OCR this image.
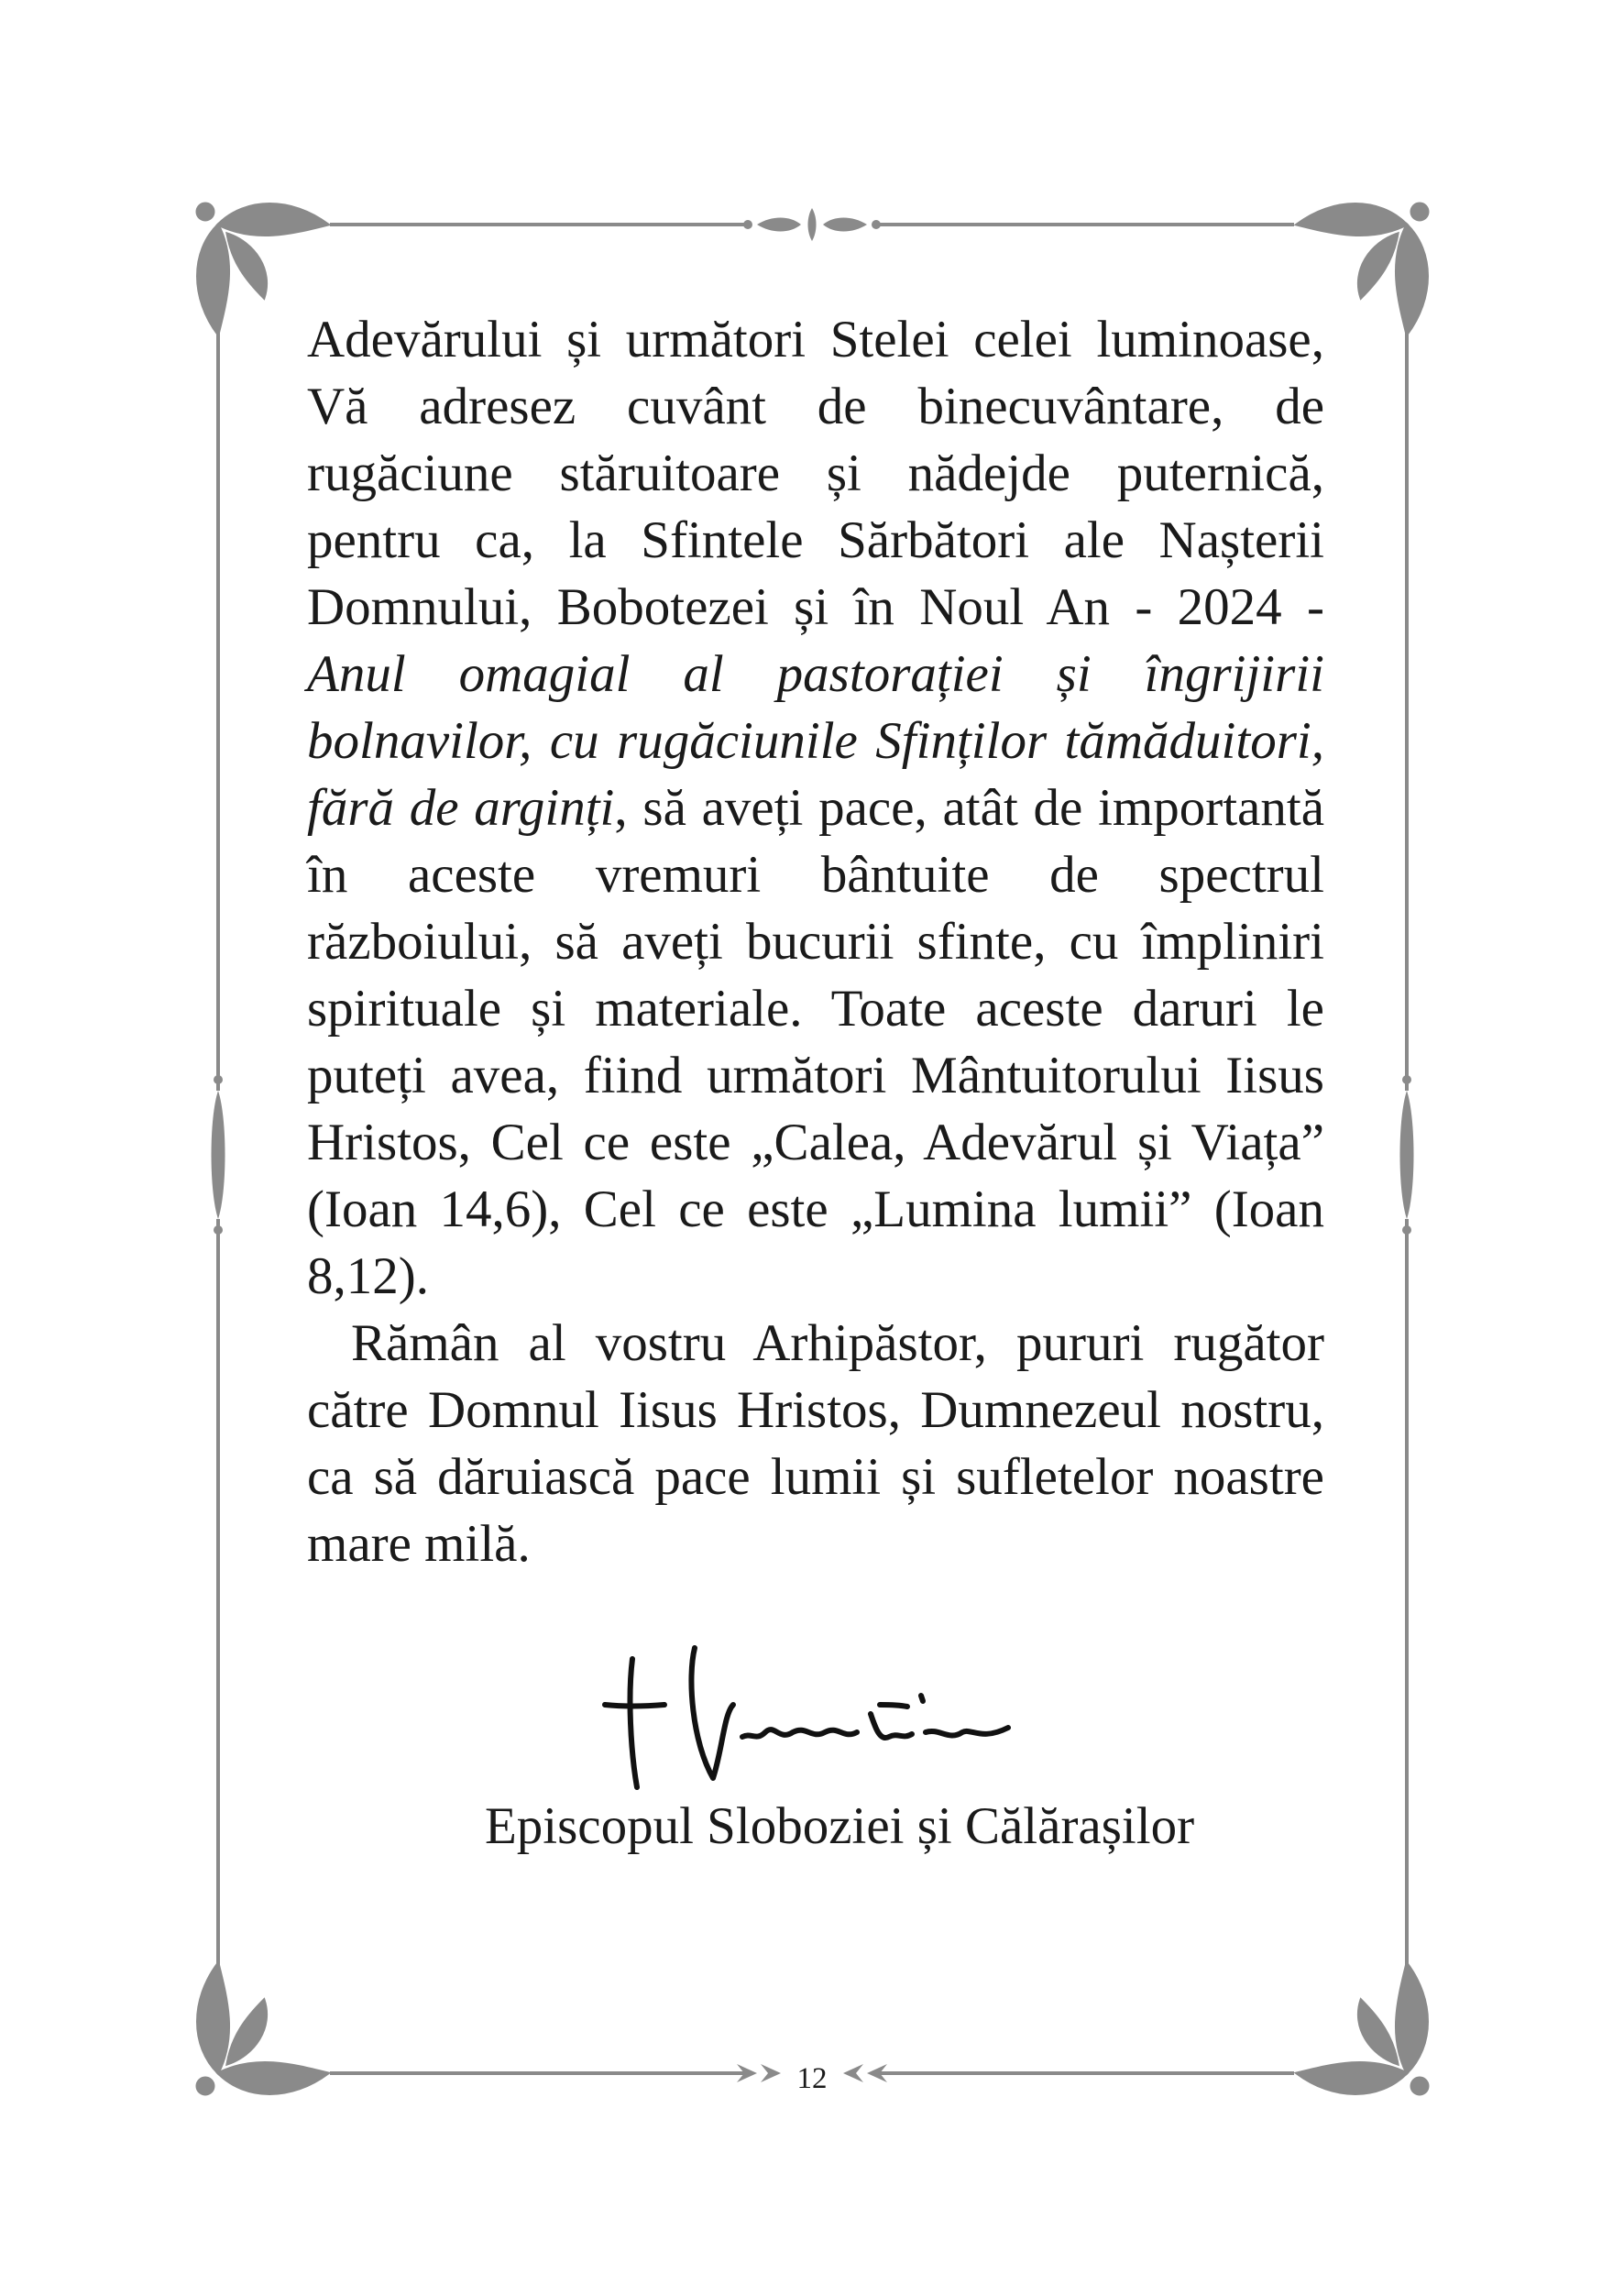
Adevărului și următori Stelei celei luminoase, Vă adresez cuvânt de binecuvântare, de rugăciune stăruitoare și nădejde puternică, pentru ca, la Sfintele Sărbători ale Nașterii Domnului, Bobotezei și în Noul An - 2024 - Anul omagial al pastorației și îngrijirii bolnavilor, cu rugăciunile Sfinților tămăduitori, fără de arginți, să aveți pace, atât de importantă în aceste vremuri bântuite de spectrul războiului, să aveți bucurii sfinte, cu împliniri spirituale și materiale. Toate aceste daruri le puteți avea, fiind următori Mântuitorului Iisus Hristos, Cel ce este „Calea, Adevărul și Viața” (Ioan 14,6), Cel ce este „Lumina lumii” (Ioan 8,12).

Rămân al vostru Arhipăstor, pururi rugător către Domnul Iisus Hristos, Dumnezeul nostru, ca să dăruiască pace lumii și sufletelor noastre mare milă.

Episcopul Sloboziei și Călărașilor
12
